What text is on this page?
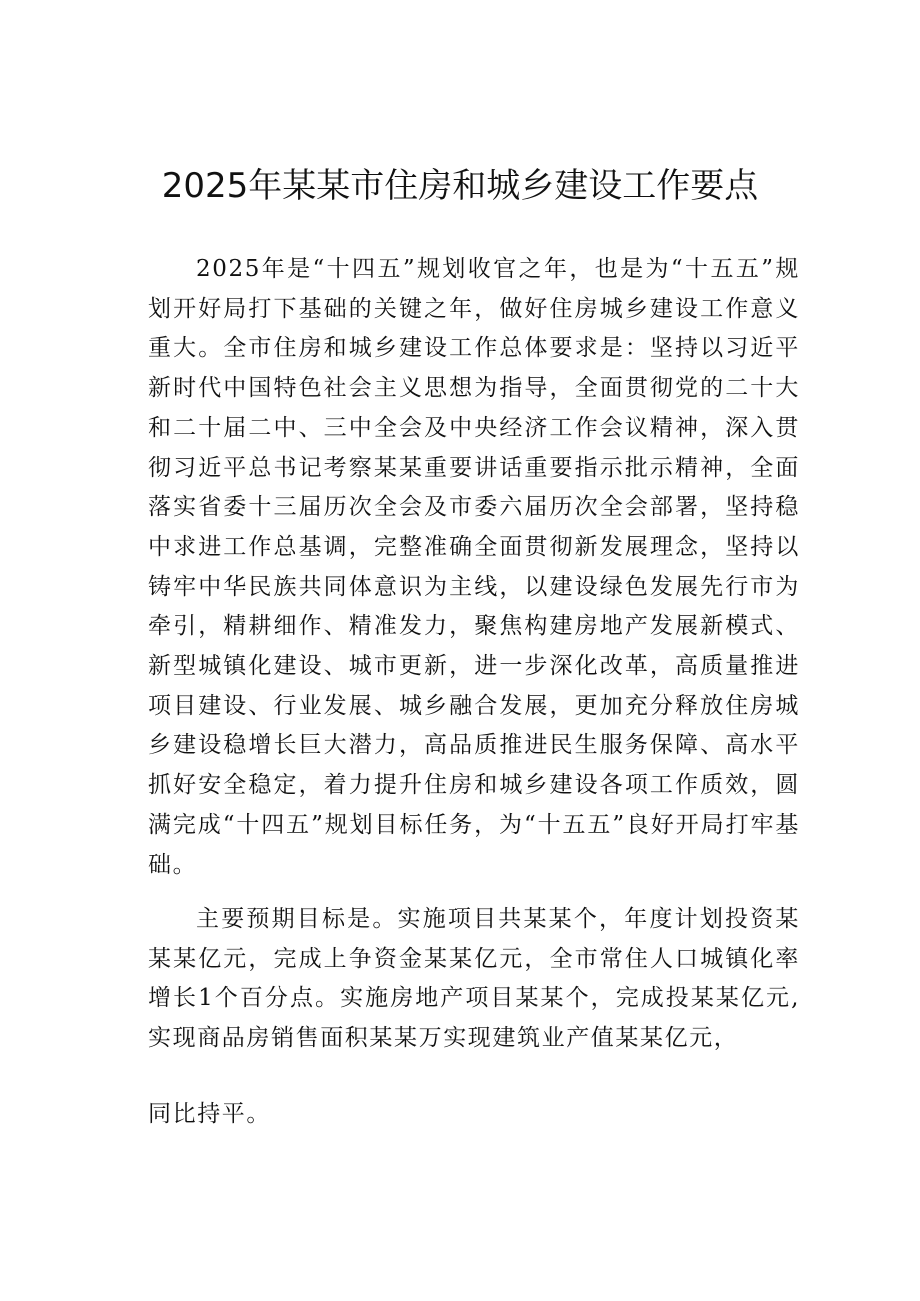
2025年某某市住房和城乡建设工作要点

2025年是“十四五”规划收官之年，也是为“十五五”规划开好局打下基础的关键之年，做好住房城乡建设工作意义重大。全市住房和城乡建设工作总体要求是：坚持以习近平新时代中国特色社会主义思想为指导，全面贯彻党的二十大和二十届二中、三中全会及中央经济工作会议精神，深入贯彻习近平总书记考察某某重要讲话重要指示批示精神，全面落实省委十三届历次全会及市委六届历次全会部署，坚持稳中求进工作总基调，完整准确全面贯彻新发展理念，坚持以铸牢中华民族共同体意识为主线，以建设绿色发展先行市为牵引，精耕细作、精准发力，聚焦构建房地产发展新模式、新型城镇化建设、城市更新，进一步深化改革，高质量推进项目建设、行业发展、城乡融合发展，更加充分释放住房城乡建设稳增长巨大潜力，高品质推进民生服务保障、高水平抓好安全稳定，着力提升住房和城乡建设各项工作质效，圆满完成“十四五”规划目标任务，为“十五五”良好开局打牢基础。

主要预期目标是。实施项目共某某个，年度计划投资某某某亿元，完成上争资金某某亿元，全市常住人口城镇化率增长1个百分点。实施房地产项目某某个，完成投某某亿元,实现商品房销售面积某某万实现建筑业产值某某亿元，

同比持平。
